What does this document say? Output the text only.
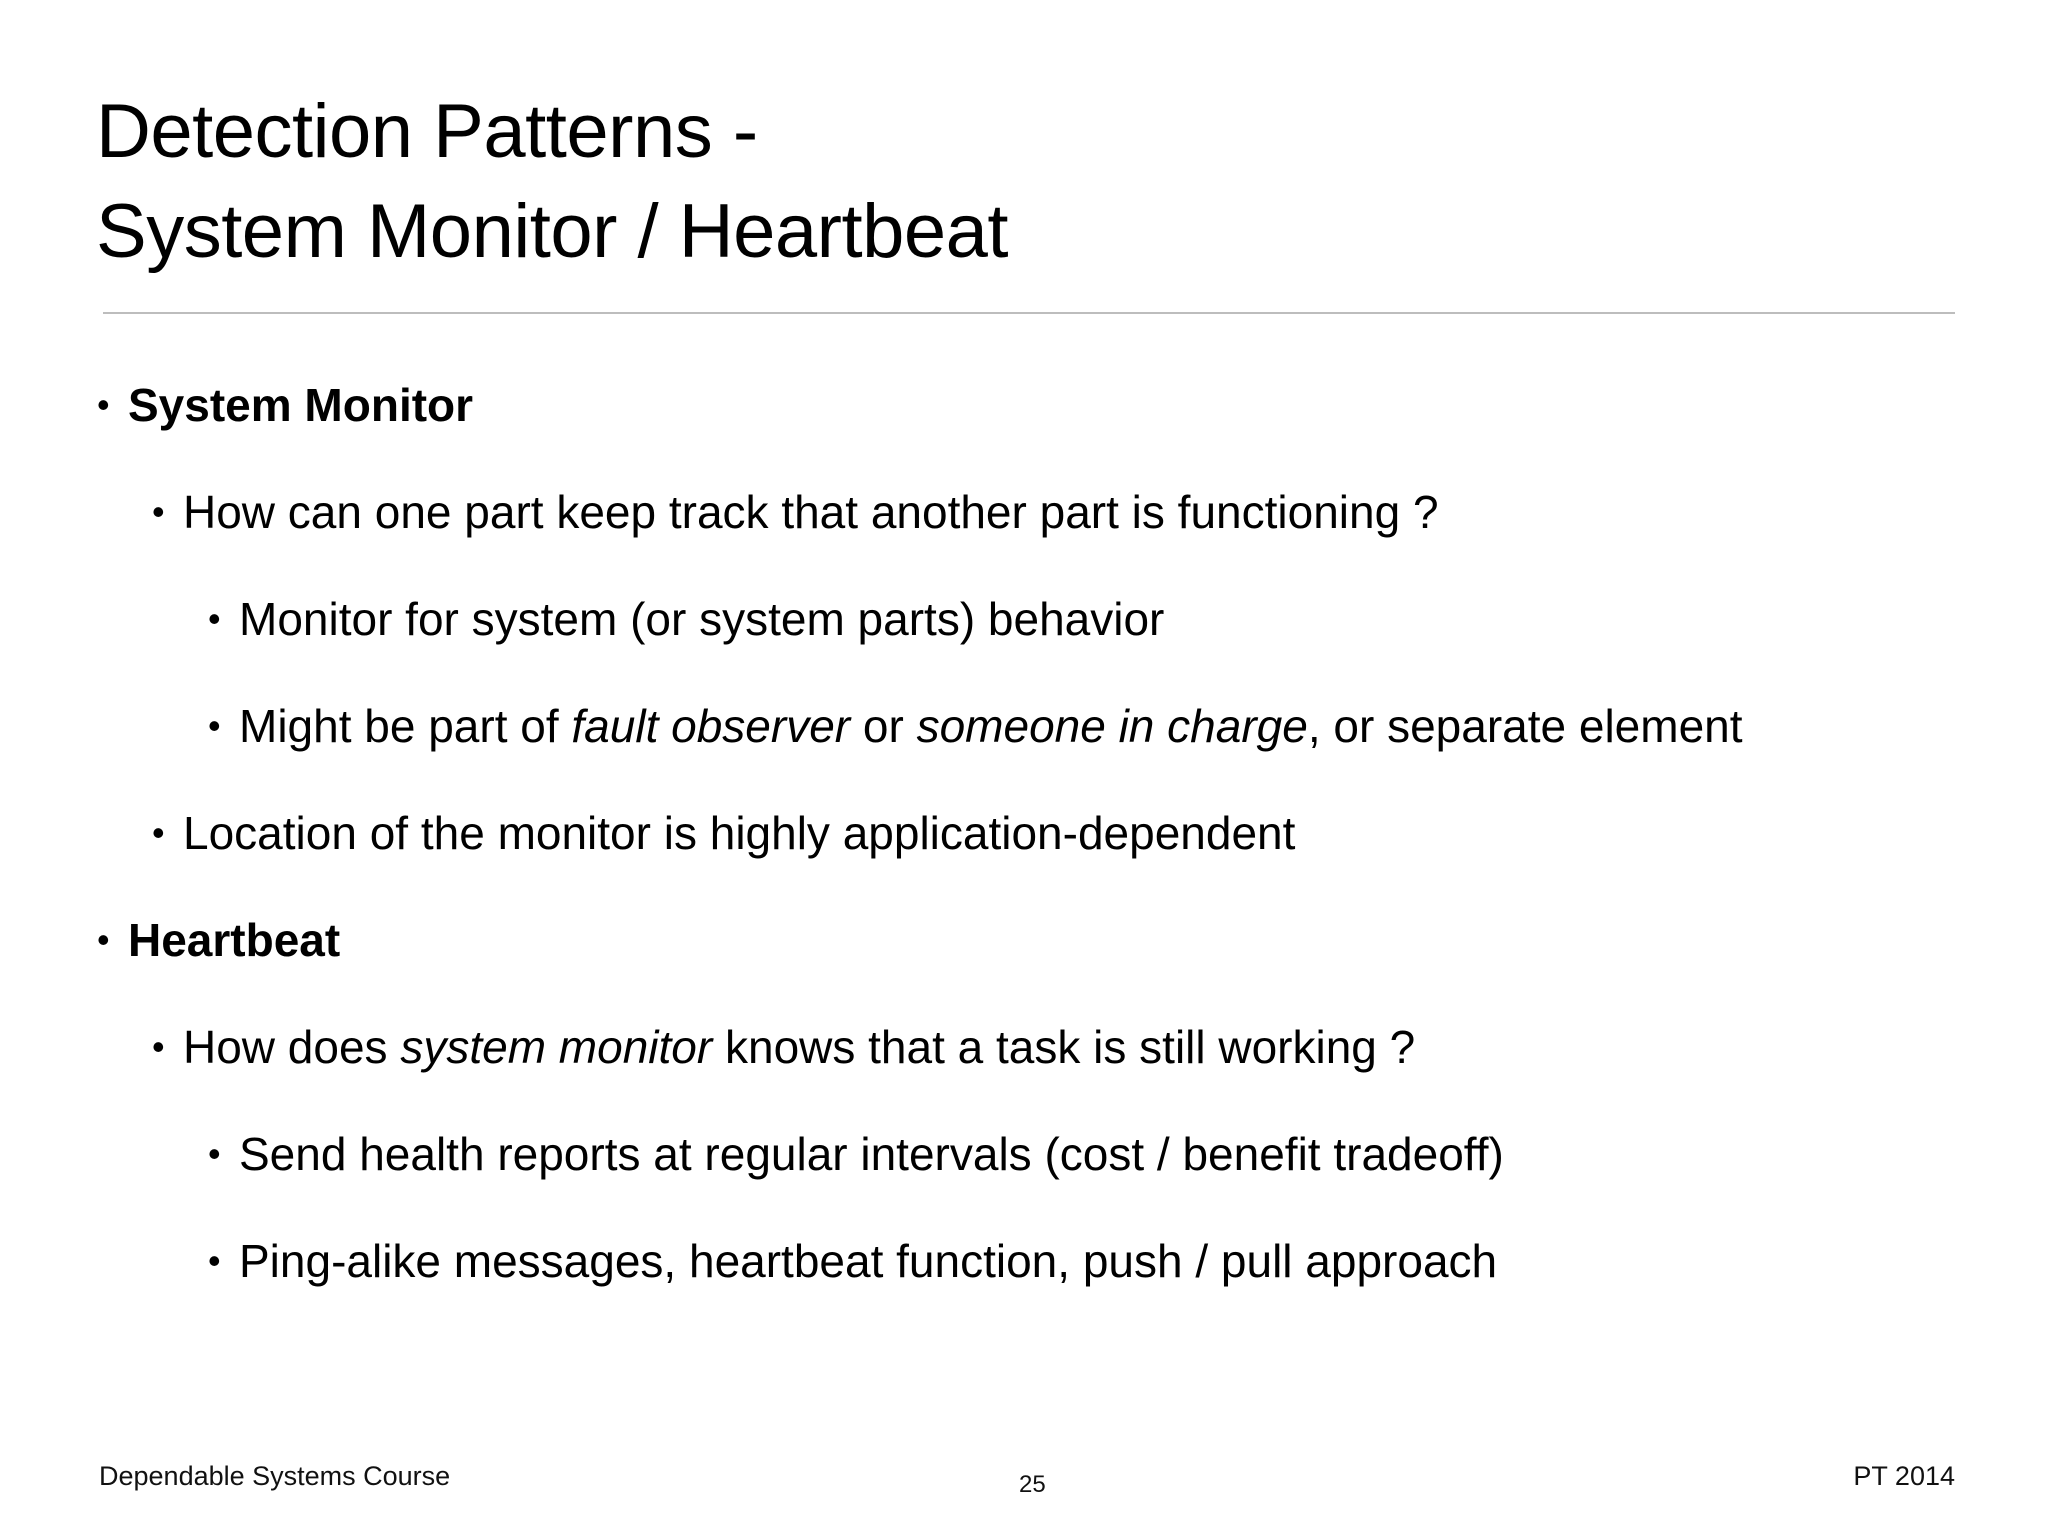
Detection Patterns -
System Monitor / Heartbeat
• System Monitor
• How can one part keep track that another part is functioning ?
• Monitor for system (or system parts) behavior
• Might be part of fault observer or someone in charge, or separate element
• Location of the monitor is highly application-dependent
• Heartbeat
• How does system monitor knows that a task is still working ?
• Send health reports at regular intervals (cost / benefit tradeoff)
• Ping-alike messages, heartbeat function, push / pull approach
Dependable Systems Course	25	PT 2014
